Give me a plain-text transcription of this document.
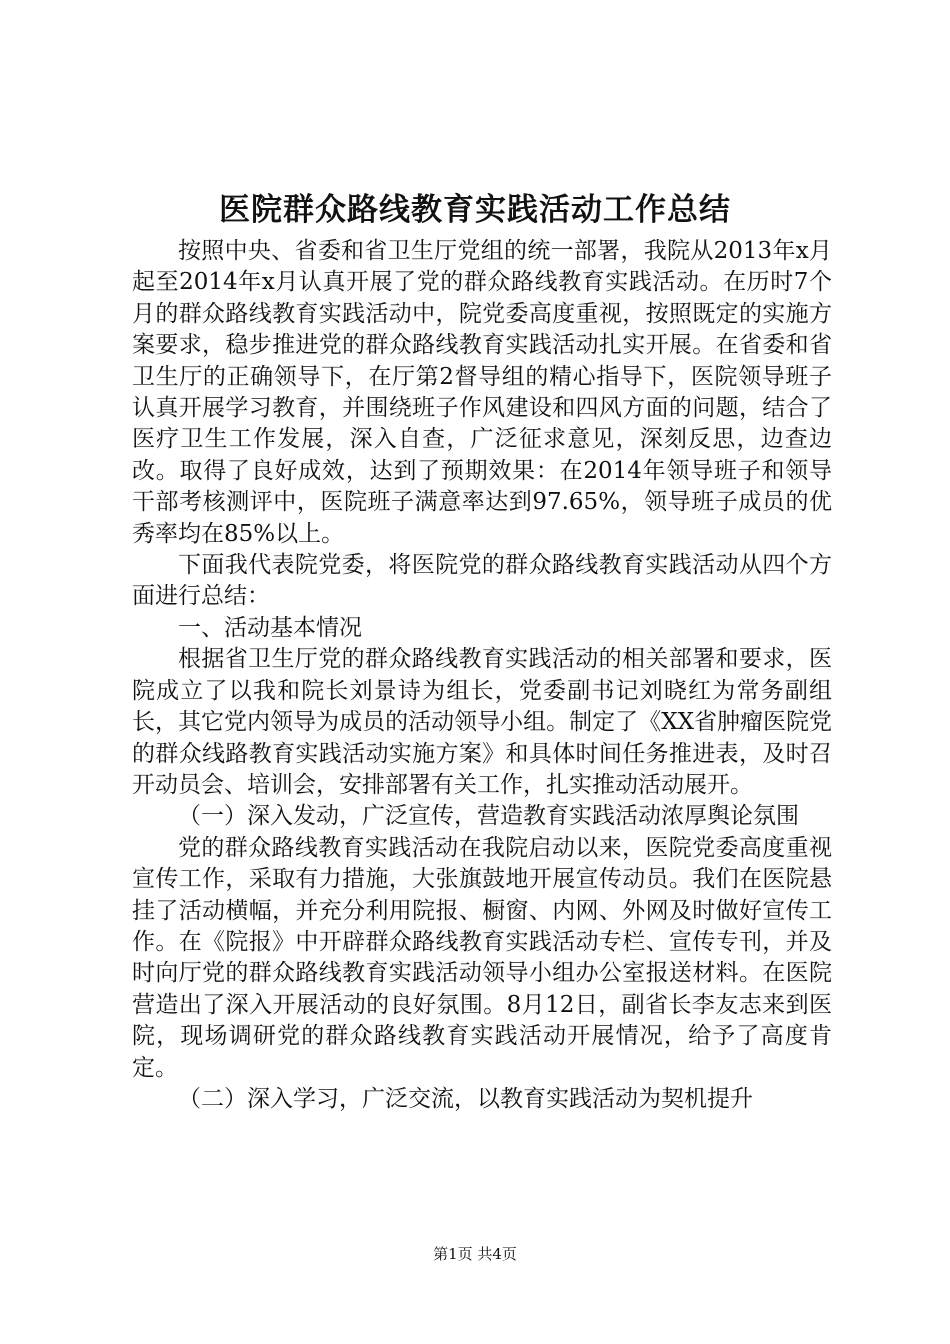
医院群众路线教育实践活动工作总结

按照中央、省委和省卫生厅党组的统一部署，我院从2013年x月起至2014年x月认真开展了党的群众路线教育实践活动。在历时7个月的群众路线教育实践活动中，院党委高度重视，按照既定的实施方案要求，稳步推进党的群众路线教育实践活动扎实开展。在省委和省卫生厅的正确领导下，在厅第2督导组的精心指导下，医院领导班子认真开展学习教育，并围绕班子作风建设和四风方面的问题，结合了医疗卫生工作发展，深入自查，广泛征求意见，深刻反思，边查边改。取得了良好成效，达到了预期效果：在2014年领导班子和领导干部考核测评中，医院班子满意率达到97.65%，领导班子成员的优秀率均在85%以上。

下面我代表院党委，将医院党的群众路线教育实践活动从四个方面进行总结：

一、活动基本情况

根据省卫生厅党的群众路线教育实践活动的相关部署和要求，医院成立了以我和院长刘景诗为组长，党委副书记刘晓红为常务副组长，其它党内领导为成员的活动领导小组。制定了《XX省肿瘤医院党的群众线路教育实践活动实施方案》和具体时间任务推进表，及时召开动员会、培训会，安排部署有关工作，扎实推动活动展开。

（一）深入发动，广泛宣传，营造教育实践活动浓厚舆论氛围

党的群众路线教育实践活动在我院启动以来，医院党委高度重视宣传工作，采取有力措施，大张旗鼓地开展宣传动员。我们在医院悬挂了活动横幅，并充分利用院报、橱窗、内网、外网及时做好宣传工作。在《院报》中开辟群众路线教育实践活动专栏、宣传专刊，并及时向厅党的群众路线教育实践活动领导小组办公室报送材料。在医院营造出了深入开展活动的良好氛围。8月12日，副省长李友志来到医院，现场调研党的群众路线教育实践活动开展情况，给予了高度肯定。

（二）深入学习，广泛交流，以教育实践活动为契机提升

第1页 共4页
